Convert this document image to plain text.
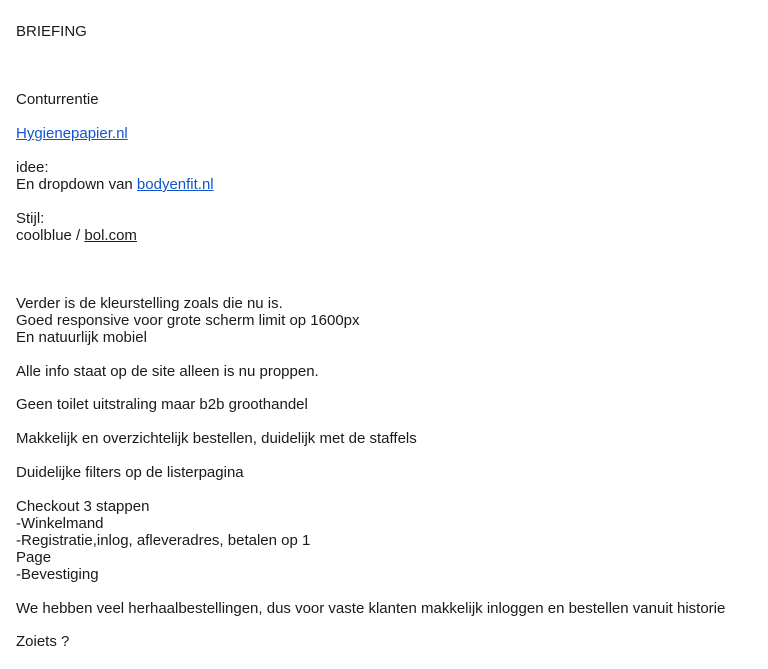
BRIEFING
Conturrentie
Hygienepapier.nl
idee:
En dropdown van bodyenfit.nl
Stijl:
coolblue / bol.com
Verder is de kleurstelling zoals die nu is.
Goed responsive voor grote scherm limit op 1600px
En natuurlijk mobiel
Alle info staat op de site alleen is nu proppen.
Geen toilet uitstraling maar b2b groothandel
Makkelijk en overzichtelijk bestellen, duidelijk met de staffels
Duidelijke filters op de listerpagina
Checkout 3 stappen
-Winkelmand
-Registratie,inlog, afleveradres, betalen op 1
Page
-Bevestiging
We hebben veel herhaalbestellingen, dus voor vaste klanten makkelijk inloggen en bestellen vanuit historie
Zoiets ?
